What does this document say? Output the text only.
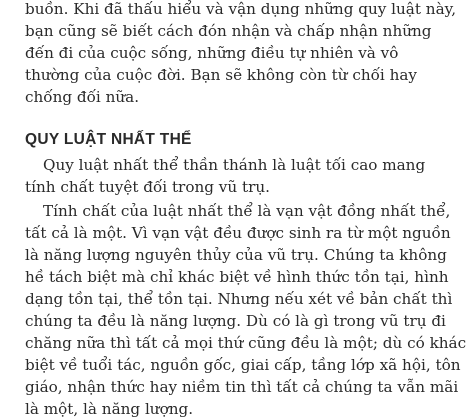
buồn. Khi đã thấu hiểu và vận dụng những quy luật này,
bạn cũng sẽ biết cách đón nhận và chấp nhận những
đến đi của cuộc sống, những điều tự nhiên và vô
thường của cuộc đời. Bạn sẽ không còn từ chối hay
chống đối nữa.
QUY LUẬT NHẤT THỂ
Quy luật nhất thể thần thánh là luật tối cao mang
tính chất tuyệt đối trong vũ trụ.
Tính chất của luật nhất thể là vạn vật đồng nhất thể,
tất cả là một. Vì vạn vật đều được sinh ra từ một nguồn
là năng lượng nguyên thủy của vũ trụ. Chúng ta không
hề tách biệt mà chỉ khác biệt về hình thức tồn tại, hình
dạng tồn tại, thể tồn tại. Nhưng nếu xét về bản chất thì
chúng ta đều là năng lượng. Dù có là gì trong vũ trụ đi
chăng nữa thì tất cả mọi thứ cũng đều là một; dù có khác
biệt về tuổi tác, nguồn gốc, giai cấp, tầng lớp xã hội, tôn
giáo, nhận thức hay niềm tin thì tất cả chúng ta vẫn mãi
là một, là năng lượng.
